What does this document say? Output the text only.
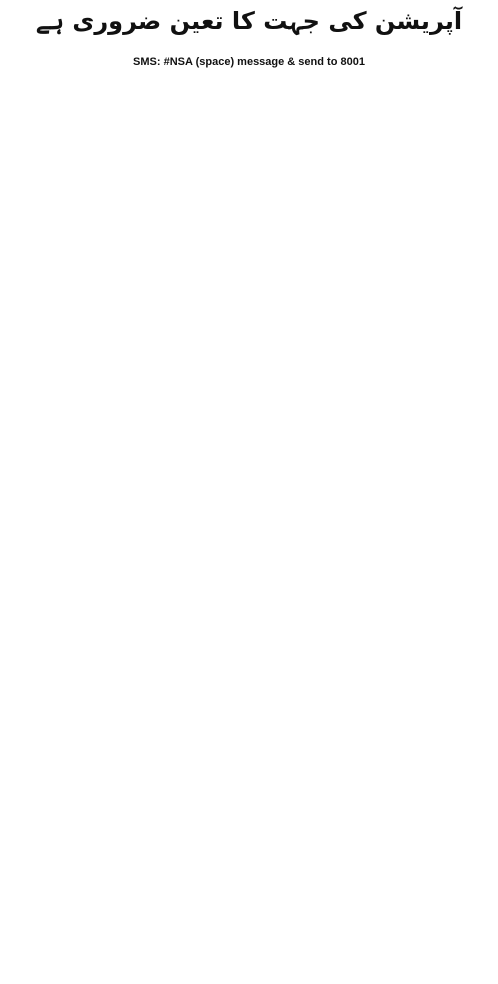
آپریشن کی جہت کا تعین ضروری ہے
SMS: #NSA (space) message & send to 8001
